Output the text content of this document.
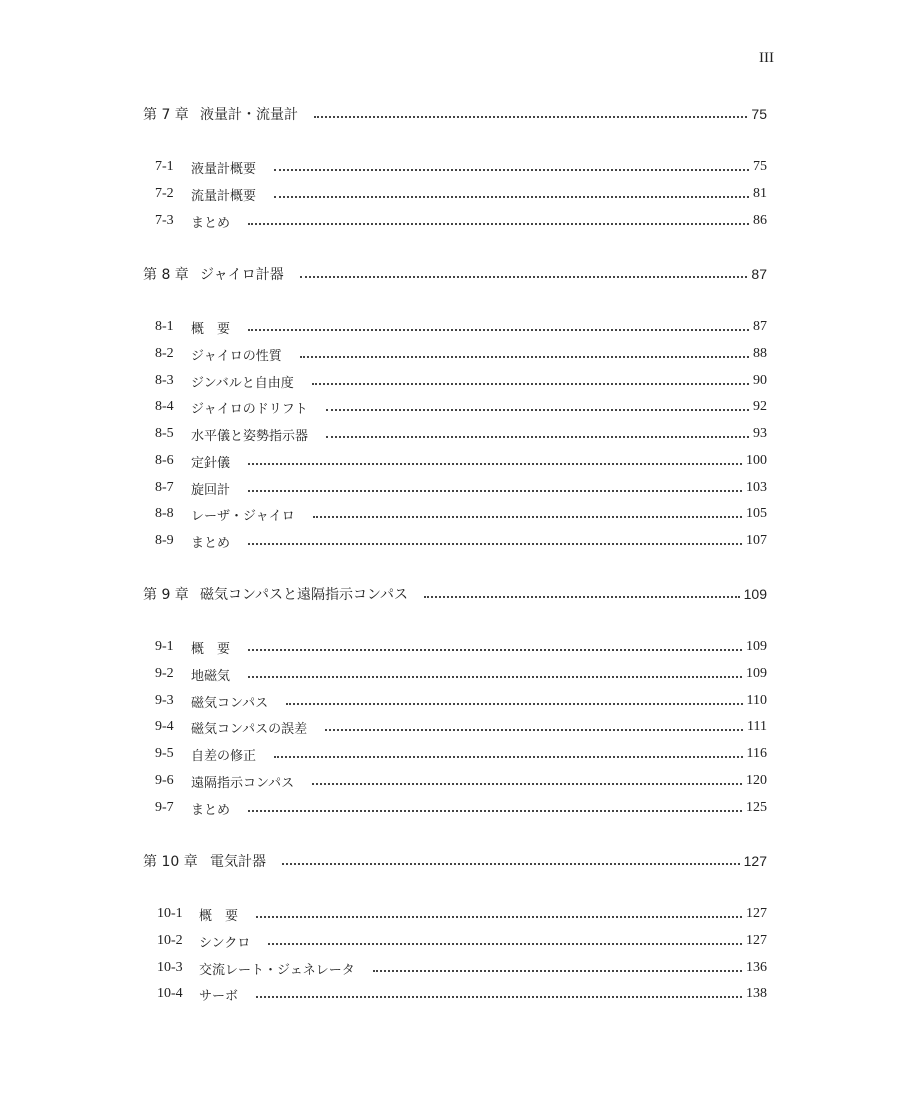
III
第 7 章 液量計・流量計	75
7-1 液量計概要	75
7-2 流量計概要	81
7-3 まとめ	86
第 8 章 ジャイロ計器	87
8-1 概　要	87
8-2 ジャイロの性質	88
8-3 ジンバルと自由度	90
8-4 ジャイロのドリフト	92
8-5 水平儀と姿勢指示器	93
8-6 定針儀	100
8-7 旋回計	103
8-8 レーザ・ジャイロ	105
8-9 まとめ	107
第 9 章 磁気コンパスと遠隔指示コンパス	109
9-1 概　要	109
9-2 地磁気	109
9-3 磁気コンパス	110
9-4 磁気コンパスの誤差	111
9-5 自差の修正	116
9-6 遠隔指示コンパス	120
9-7 まとめ	125
第 10 章 電気計器	127
10-1 概　要	127
10-2 シンクロ	127
10-3 交流レート・ジェネレータ	136
10-4 サーボ	138
